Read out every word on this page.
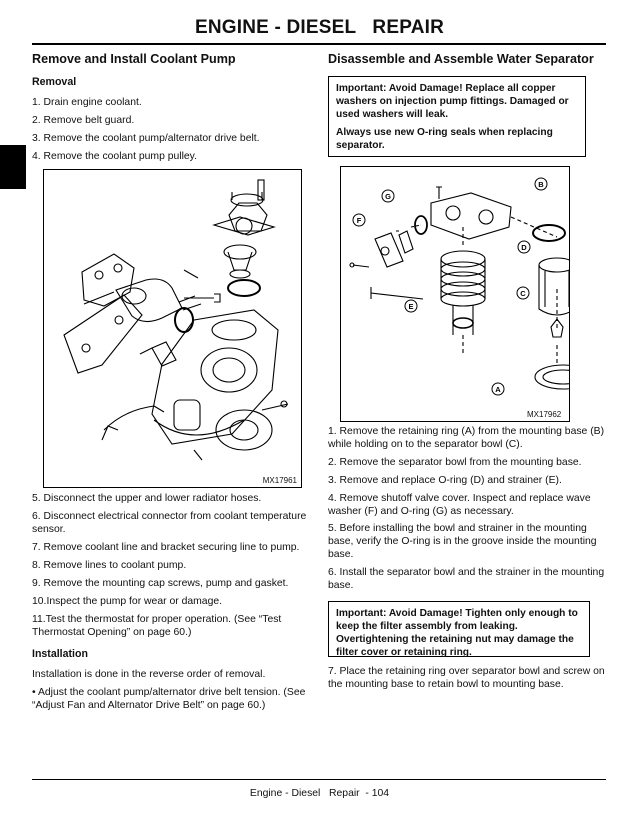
ENGINE - DIESEL   REPAIR

Remove and Install Coolant Pump

Removal

1. Drain engine coolant.

2. Remove belt guard.

3. Remove the coolant pump/alternator drive belt.

4. Remove the coolant pump pulley.

MX17961

5. Disconnect the upper and lower radiator hoses.

6. Disconnect electrical connector from coolant temperature sensor.

7. Remove coolant line and bracket securing line to pump.

8. Remove lines to coolant pump.

9. Remove the mounting cap screws, pump and gasket.

10.Inspect the pump for wear or damage.

11.Test the thermostat for proper operation. (See “Test Thermostat Opening” on page 60.)

Installation

Installation is done in the reverse order of removal.

• Adjust the coolant pump/alternator drive belt tension. (See “Adjust Fan and Alternator Drive Belt” on page 60.)

Disassemble and Assemble Water Separator

Important: Avoid Damage! Replace all copper washers on injection pump fittings. Damaged or used washers will leak.

Always use new O-ring seals when replacing separator.

B
G
F
D
C
E
A
MX17962

1. Remove the retaining ring (A) from the mounting base (B) while holding on to the separator bowl (C).

2. Remove the separator bowl from the mounting base.

3. Remove and replace O-ring (D) and strainer (E).

4. Remove shutoff valve cover. Inspect and replace wave washer (F) and O-ring (G) as necessary.

5. Before installing the bowl and strainer in the mounting base, verify the O-ring is in the groove inside the mounting base.

6. Install the separator bowl and the strainer in the mounting base.

Important: Avoid Damage! Tighten only enough to keep the filter assembly from leaking. Overtightening the retaining nut may damage the filter cover or retaining ring.

7. Place the retaining ring over separator bowl and screw on the mounting base to retain bowl to mounting base.

Engine - Diesel   Repair  - 104
